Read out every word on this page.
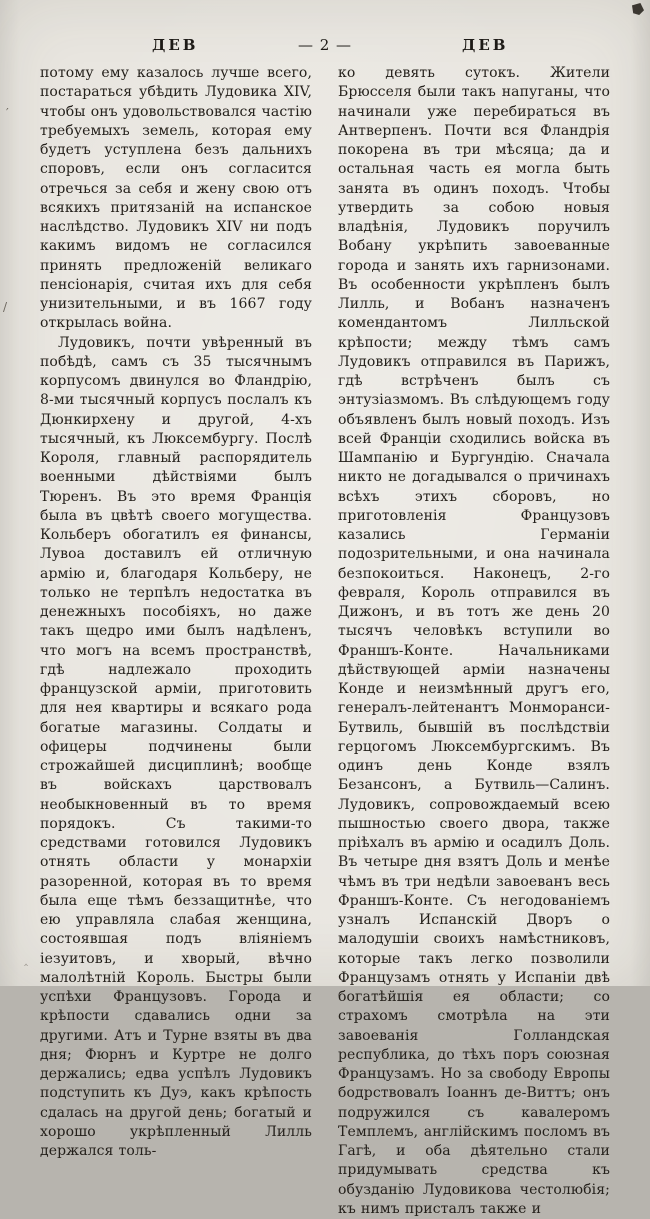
ДЕВ	— 2 —	ДЕВ

потому ему казалось лучше всего, постараться убѣдить Лудовика XIV, чтобы онъ удовольствовался частію требуемыхъ земель, которая ему будетъ уступлена безъ дальнихъ споровъ, если онъ согласится отречься за себя и жену свою отъ всякихъ притязаній на испанское наслѣдство. Лудовикъ XIV ни подъ какимъ видомъ не согласился принять предложеній великаго пенсіонарія, считая ихъ для себя унизительными, и въ 1667 году открылась война.

Лудовикъ, почти увѣренный въ побѣдѣ, самъ съ 35 тысячнымъ корпусомъ двинулся во Фландрію, 8-ми тысячный корпусъ послалъ къ Дюнкирхену и другой, 4-хъ тысячный, къ Люксембургу. Послѣ Короля, главный распорядитель военными дѣйствіями былъ Тюренъ. Въ это время Франція была въ цвѣтѣ своего могущества. Кольберъ обогатилъ ея финансы, Лувоа доставилъ ей отличную армію и, благодаря Кольберу, не только не терпѣлъ недостатка въ денежныхъ пособіяхъ, но даже такъ щедро ими былъ надѣленъ, что могъ на всемъ пространствѣ, гдѣ надлежало проходить французской арміи, приготовить для нея квартиры и всякаго рода богатые магазины. Солдаты и офицеры подчинены были строжайшей дисциплинѣ; вообще въ войскахъ царствовалъ необыкновенный въ то время порядокъ. Съ такими-то средствами готовился Лудовикъ отнять области у монархіи разоренной, которая въ то время была еще тѣмъ беззащитнѣе, что ею управляла слабая женщина, состоявшая подъ вліяніемъ іезуитовъ, и хворый, вѣчно малолѣтній Король. Быстры были успѣхи Французовъ. Города и крѣпости сдавались одни за другими. Атъ и Турне взяты въ два дня; Фюрнъ и Куртре не долго держались; едва успѣлъ Лудовикъ подступить къ Дуэ, какъ крѣпость сдалась на другой день; богатый и хорошо укрѣпленный Лилль держался толь-

ко девять сутокъ. Жители Брюсселя были такъ напуганы, что начинали уже перебираться въ Антверпенъ. Почти вся Фландрія покорена въ три мѣсяца; да и остальная часть ея могла быть занята въ одинъ походъ. Чтобы утвердить за собою новыя владѣнія, Лудовикъ поручилъ Вобану укрѣпить завоеванные города и занять ихъ гарнизонами. Въ особенности укрѣпленъ былъ Лилль, и Вобанъ назначенъ комендантомъ Лилльской крѣпости; между тѣмъ самъ Лудовикъ отправился въ Парижъ, гдѣ встрѣченъ былъ съ энтузіазмомъ. Въ слѣдующемъ году объявленъ былъ новый походъ. Изъ всей Франціи сходились войска въ Шампанію и Бургундію. Сначала никто не догадывался о причинахъ всѣхъ этихъ сборовъ, но приготовленія Французовъ казались Германіи подозрительными, и она начинала безпокоиться. Наконецъ, 2-го февраля, Король отправился въ Дижонъ, и въ тотъ же день 20 тысячъ человѣкъ вступили во Франшъ-Конте. Начальниками дѣйствующей арміи назначены Конде и неизмѣнный другъ его, генералъ-лейтенантъ Монморанси-Бутвиль, бывшій въ послѣдствіи герцогомъ Люксембургскимъ. Въ одинъ день Конде взялъ Безансонъ, а Бутвиль—Салинъ. Лудовикъ, сопровождаемый всею пышностью своего двора, также пріѣхалъ въ армію и осадилъ Доль. Въ четыре дня взятъ Доль и менѣе чѣмъ въ три недѣли завоеванъ весь Франшъ-Конте. Съ негодованіемъ узналъ Испанскій Дворъ о малодушіи своихъ намѣстниковъ, которые такъ легко позволили Французамъ отнять у Испаніи двѣ богатѣйшія ея области; со страхомъ смотрѣла на эти завоеванія Голландская республика, до тѣхъ поръ союзная Французамъ. Но за свободу Европы бодрствовалъ Іоаннъ де-Виттъ; онъ подружился съ кавалеромъ Темплемъ, англійскимъ посломъ въ Гагѣ, и оба дѣятельно стали придумывать средства къ обузданію Лудовикова честолюбія; къ нимъ присталъ также и

′
/
‸
